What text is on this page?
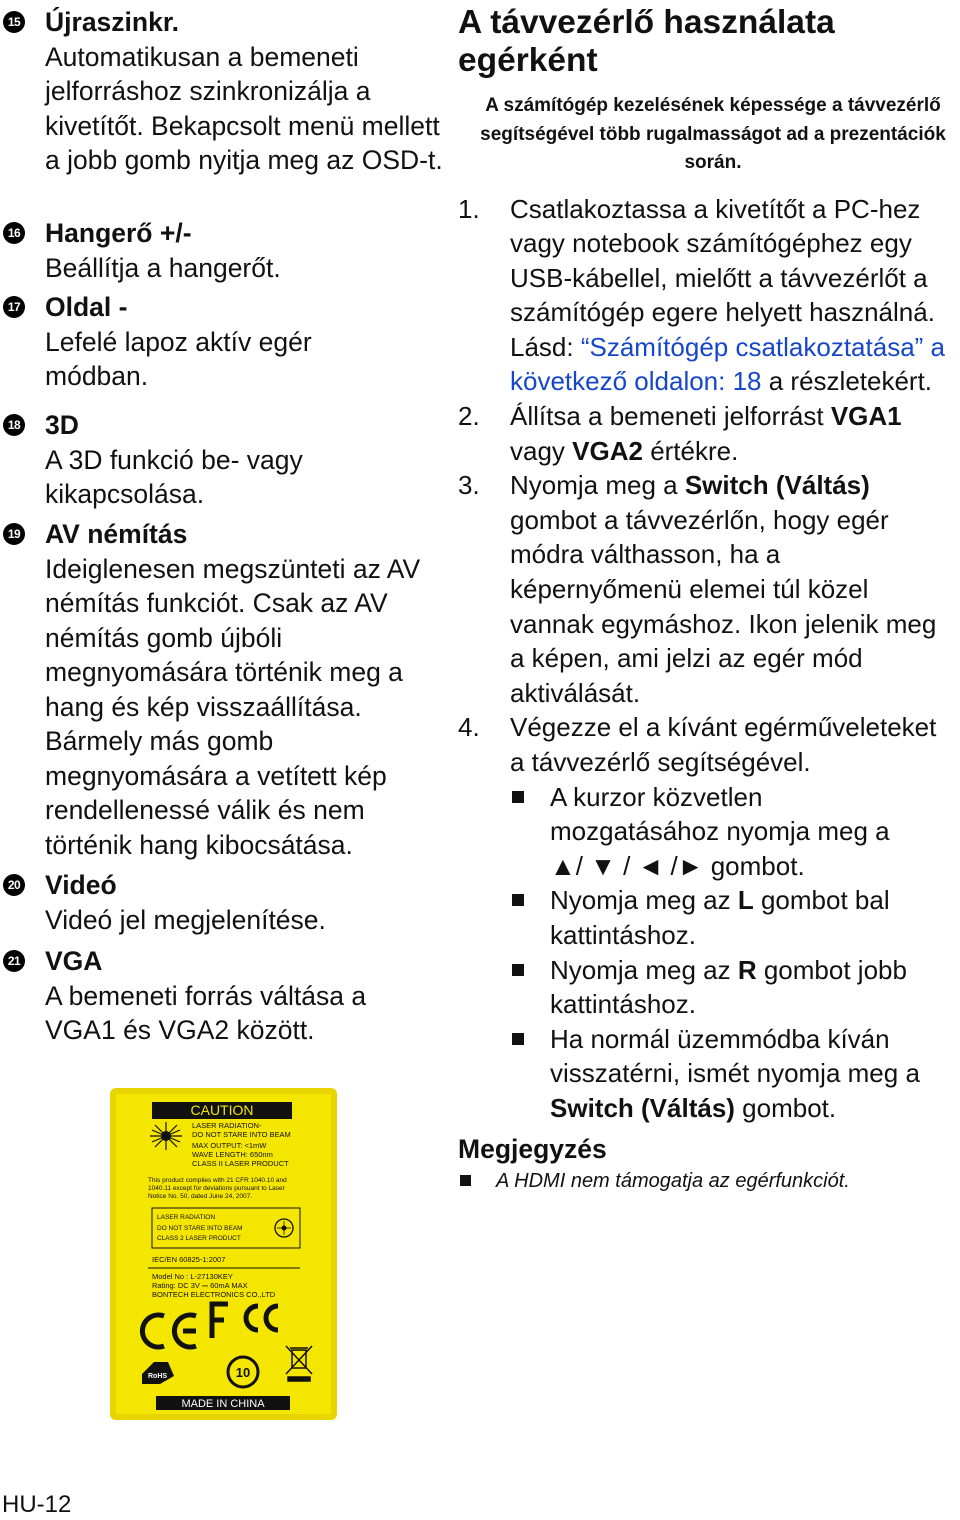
15 Újraszinkr.
Automatikusan a bemeneti jelforráshoz szinkronizálja a kivetítőt. Bekapcsolt menü mellett a jobb gomb nyitja meg az OSD-t.
16 Hangerő +/-
Beállítja a hangerőt.
17 Oldal -
Lefelé lapoz aktív egér módban.
18 3D
A 3D funkció be- vagy kikapcsolása.
19 AV némítás
Ideiglenesen megszünteti az AV némítás funkciót. Csak az AV némítás gomb újbóli megnyomására történik meg a hang és kép visszaállítása. Bármely más gomb megnyomására a vetített kép rendellenessé válik és nem történik hang kibocsátása.
20 Videó
Videó jel megjelenítése.
21 VGA
A bemeneti forrás váltása a VGA1 és VGA2 között.
CAUTION
LASER RADIATION-
DO NOT STARE INTO BEAM
MAX OUTPUT: <1mW
WAVE LENGTH: 650nm
CLASS II LASER PRODUCT
This product complies with 21 CFR 1040.10 and
1040.11 except for deviations pursuant to Laser
Notice No. 50, dated June 24, 2007.
LASER RADIATION
DO NOT STARE INTO BEAM
CLASS 2 LASER PRODUCT
IEC/EN 60825-1:2007
Model No : L-27130KEY
Rating: DC 3V ⎓ 60mA MAX
BONTECH ELECTRONICS CO.,LTD
RoHS	10
MADE IN CHINA
A távvezérlő használata egérként
A számítógép kezelésének képessége a távvezérlő segítségével több rugalmasságot ad a prezentációk során.
1. Csatlakoztassa a kivetítőt a PC-hez vagy notebook számítógéphez egy USB-kábellel, mielőtt a távvezérlőt a számítógép egere helyett használná. Lásd: “Számítógép csatlakoztatása” a következő oldalon: 18 a részletekért.
2. Állítsa a bemeneti jelforrást VGA1 vagy VGA2 értékre.
3. Nyomja meg a Switch (Váltás) gombot a távvezérlőn, hogy egér módra válthasson, ha a képernyőmenü elemei túl közel vannak egymáshoz. Ikon jelenik meg a képen, ami jelzi az egér mód aktiválását.
4. Végezze el a kívánt egérműveleteket a távvezérlő segítségével.
A kurzor közvetlen mozgatásához nyomja meg a
▲/ ▼ / ◄ /► gombot.
Nyomja meg az L gombot bal kattintáshoz.
Nyomja meg az R gombot jobb kattintáshoz.
Ha normál üzemmódba kíván visszatérni, ismét nyomja meg a Switch (Váltás) gombot.
Megjegyzés
A HDMI nem támogatja az egérfunkciót.
HU-12
